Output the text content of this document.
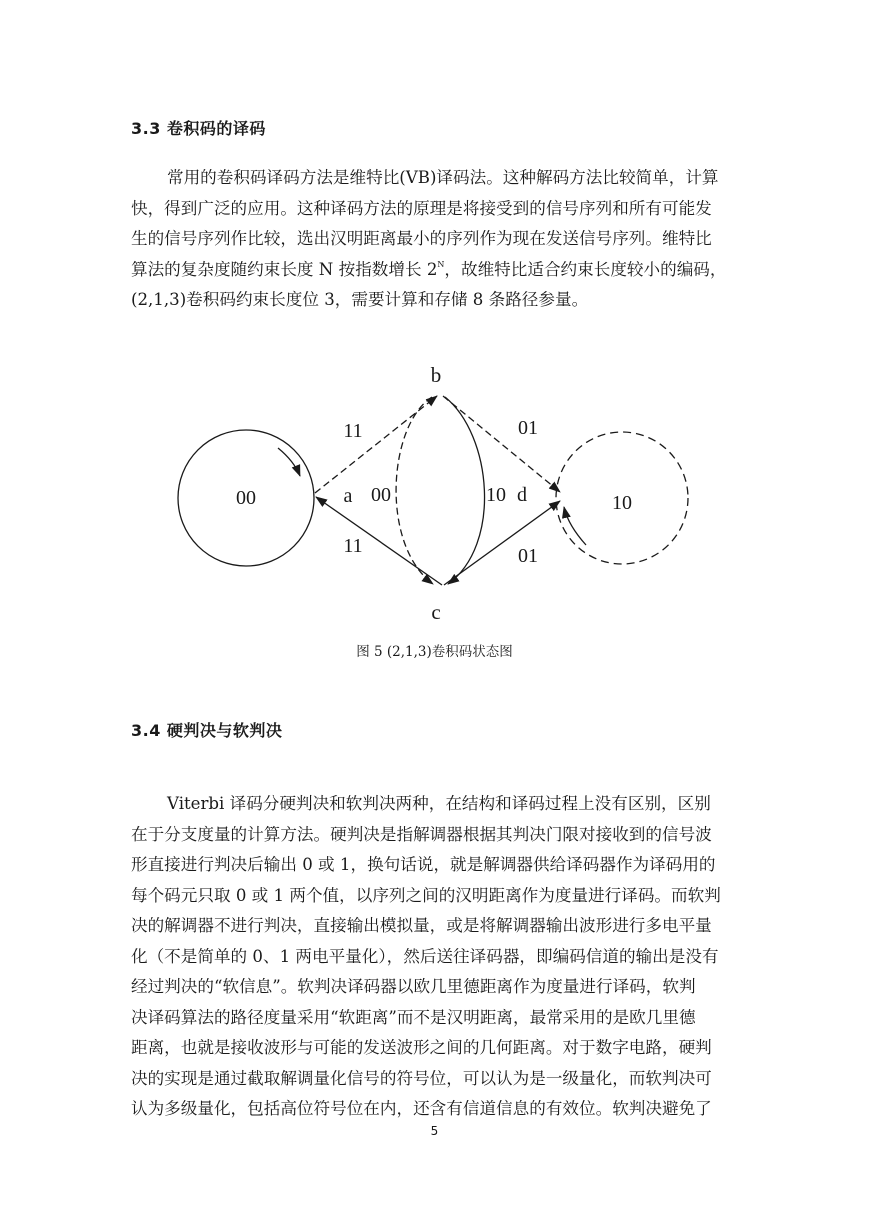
3.3 卷积码的译码
常用的卷积码译码方法是维特比(VB)译码法。这种解码方法比较简单，计算
快，得到广泛的应用。这种译码方法的原理是将接受到的信号序列和所有可能发
生的信号序列作比较，选出汉明距离最小的序列作为现在发送信号序列。维特比
算法的复杂度随约束长度 N 按指数增长 $2^N$，故维特比适合约束长度较小的编码，
(2,1,3)卷积码约束长度位 3，需要计算和存储 8 条路径参量。
00	10
b
c
a	d
11
11
01
01
00	10
图 5 (2,1,3)卷积码状态图
3.4 硬判决与软判决
Viterbi 译码分硬判决和软判决两种，在结构和译码过程上没有区别，区别
在于分支度量的计算方法。硬判决是指解调器根据其判决门限对接收到的信号波
形直接进行判决后输出 0 或 1，换句话说，就是解调器供给译码器作为译码用的
每个码元只取 0 或 1 两个值，以序列之间的汉明距离作为度量进行译码。而软判
决的解调器不进行判决，直接输出模拟量，或是将解调器输出波形进行多电平量
化（不是简单的 0、1 两电平量化），然后送往译码器，即编码信道的输出是没有
经过判决的“软信息”。软判决译码器以欧几里德距离作为度量进行译码，软判
决译码算法的路径度量采用“软距离”而不是汉明距离，最常采用的是欧几里德
距离，也就是接收波形与可能的发送波形之间的几何距离。对于数字电路，硬判
决的实现是通过截取解调量化信号的符号位，可以认为是一级量化，而软判决可
认为多级量化，包括高位符号位在内，还含有信道信息的有效位。软判决避免了
5
